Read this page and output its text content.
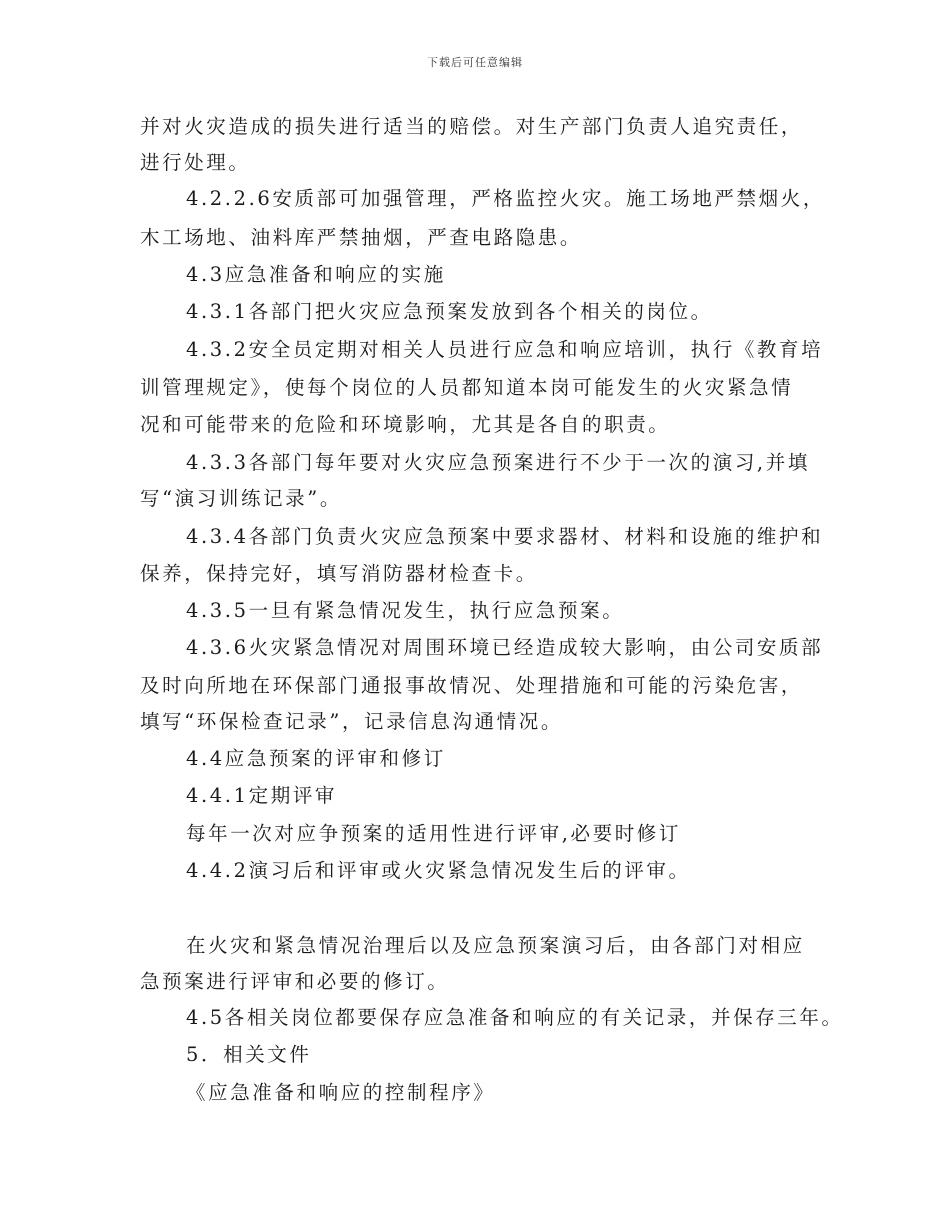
下载后可任意编辑
并对火灾造成的损失进行适当的赔偿。对生产部门负责人追究责任，
进行处理。
4.2.2.6安质部可加强管理，严格监控火灾。施工场地严禁烟火，
木工场地、油料库严禁抽烟，严查电路隐患。
4.3应急准备和响应的实施
4.3.1各部门把火灾应急预案发放到各个相关的岗位。
4.3.2安全员定期对相关人员进行应急和响应培训，执行《教育培
训管理规定》，使每个岗位的人员都知道本岗可能发生的火灾紧急情
况和可能带来的危险和环境影响，尤其是各自的职责。
4.3.3各部门每年要对火灾应急预案进行不少于一次的演习,并填
写“演习训练记录”。
4.3.4各部门负责火灾应急预案中要求器材、材料和设施的维护和
保养，保持完好，填写消防器材检查卡。
4.3.5一旦有紧急情况发生，执行应急预案。
4.3.6火灾紧急情况对周围环境已经造成较大影响，由公司安质部
及时向所地在环保部门通报事故情况、处理措施和可能的污染危害，
填写“环保检查记录”，记录信息沟通情况。
4.4应急预案的评审和修订
4.4.1定期评审
每年一次对应争预案的适用性进行评审,必要时修订
4.4.2演习后和评审或火灾紧急情况发生后的评审。
在火灾和紧急情况治理后以及应急预案演习后，由各部门对相应
急预案进行评审和必要的修订。
4.5各相关岗位都要保存应急准备和响应的有关记录，并保存三年。
5．相关文件
《应急准备和响应的控制程序》
